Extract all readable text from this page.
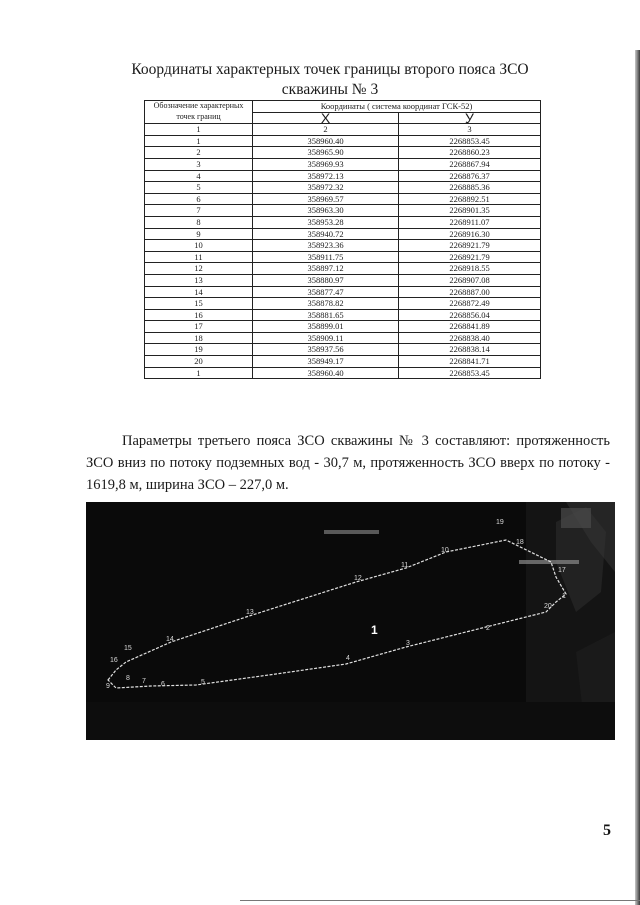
Координаты характерных точек границы второго пояса ЗСО
скважины № 3
Обозначение характерных точек границ	Координаты ( система координат ГСК-52)	
	X	У
1	2	3
1	358960.40	2268853.45
2	358965.90	2268860.23
3	358969.93	2268867.94
4	358972.13	2268876.37
5	358972.32	2268885.36
6	358969.57	2268892.51
7	358963.30	2268901.35
8	358953.28	2268911.07
9	358940.72	2268916.30
10	358923.36	2268921.79
11	358911.75	2268921.79
12	358897.12	2268918.55
13	358880.97	2268907.08
14	358877.47	2268887.00
15	358878.82	2268872.49
16	358881.65	2268856.04
17	358899.01	2268841.89
18	358909.11	2268838.40
19	358937.56	2268838.14
20	358949.17	2268841.71
1	358960.40	2268853.45

Параметры третьего пояса ЗСО скважины № 3 составляют: протяженность ЗСО вниз по потоку подземных вод - 30,7 м, протяженность ЗСО вверх по потоку - 1619,8 м, ширина ЗСО – 227,0 м.

19
18
17
16
15
14
13
12
11
10
9
8 7 6	5
4
3
2
20
1
1
5
